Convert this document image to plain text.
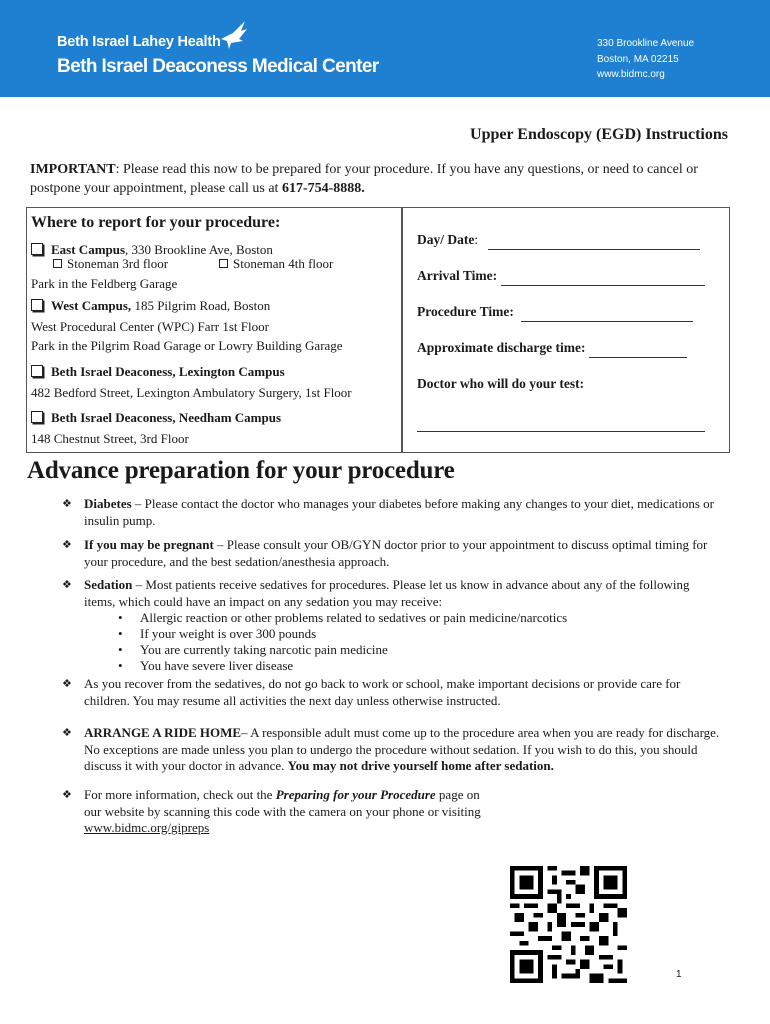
Beth Israel Lahey Health
Beth Israel Deaconess Medical Center
330 Brookline Avenue
Boston, MA 02215
www.bidmc.org
Upper Endoscopy (EGD) Instructions
IMPORTANT: Please read this now to be prepared for your procedure. If you have any questions, or need to cancel or postpone your appointment, please call us at 617-754-8888.
Where to report for your procedure:
East Campus, 330 Brookline Ave, Boston
Stoneman 3rd floor	Stoneman 4th floor
Park in the Feldberg Garage
West Campus, 185 Pilgrim Road, Boston
West Procedural Center (WPC) Farr 1st Floor
Park in the Pilgrim Road Garage or Lowry Building Garage
Beth Israel Deaconess, Lexington Campus
482 Bedford Street, Lexington Ambulatory Surgery, 1st Floor
Beth Israel Deaconess, Needham Campus
148 Chestnut Street, 3rd Floor
Day/ Date:
Arrival Time:
Procedure Time:
Approximate discharge time:
Doctor who will do your test:

Advance preparation for your procedure
❖ Diabetes – Please contact the doctor who manages your diabetes before making any changes to your diet, medications or insulin pump.
❖ If you may be pregnant – Please consult your OB/GYN doctor prior to your appointment to discuss optimal timing for your procedure, and the best sedation/anesthesia approach.
❖ Sedation – Most patients receive sedatives for procedures. Please let us know in advance about any of the following items, which could have an impact on any sedation you may receive:
• Allergic reaction or other problems related to sedatives or pain medicine/narcotics
• If your weight is over 300 pounds
• You are currently taking narcotic pain medicine
• You have severe liver disease
❖ As you recover from the sedatives, do not go back to work or school, make important decisions or provide care for children. You may resume all activities the next day unless otherwise instructed.
❖ ARRANGE A RIDE HOME– A responsible adult must come up to the procedure area when you are ready for discharge. No exceptions are made unless you plan to undergo the procedure without sedation. If you wish to do this, you should discuss it with your doctor in advance. You may not drive yourself home after sedation.
❖ For more information, check out the Preparing for your Procedure page on our website by scanning this code with the camera on your phone or visiting www.bidmc.org/gipreps
1
